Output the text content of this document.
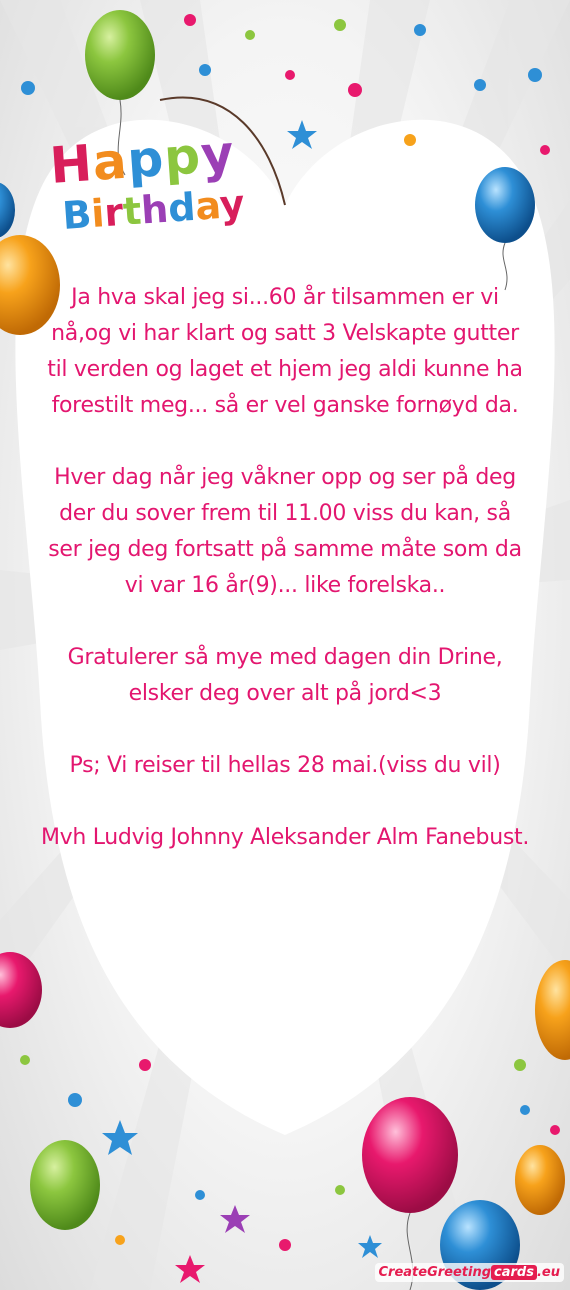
Happy
Birthday

Ja hva skal jeg si...60 år tilsammen er vi nå,og vi har klart og satt 3 Velskapte gutter til verden og laget et hjem jeg aldi kunne ha forestilt meg... så er vel ganske fornøyd da.

Hver dag når jeg våkner opp og ser på deg der du sover frem til 11.00 viss du kan, så ser jeg deg fortsatt på samme måte som da vi var 16 år(9)... like forelska..

Gratulerer så mye med dagen din Drine, elsker deg over alt på jord<3

Ps; Vi reiser til hellas 28 mai.(viss du vil)

Mvh Ludvig Johnny Aleksander Alm Fanebust.

CreateGreeting cards .eu
